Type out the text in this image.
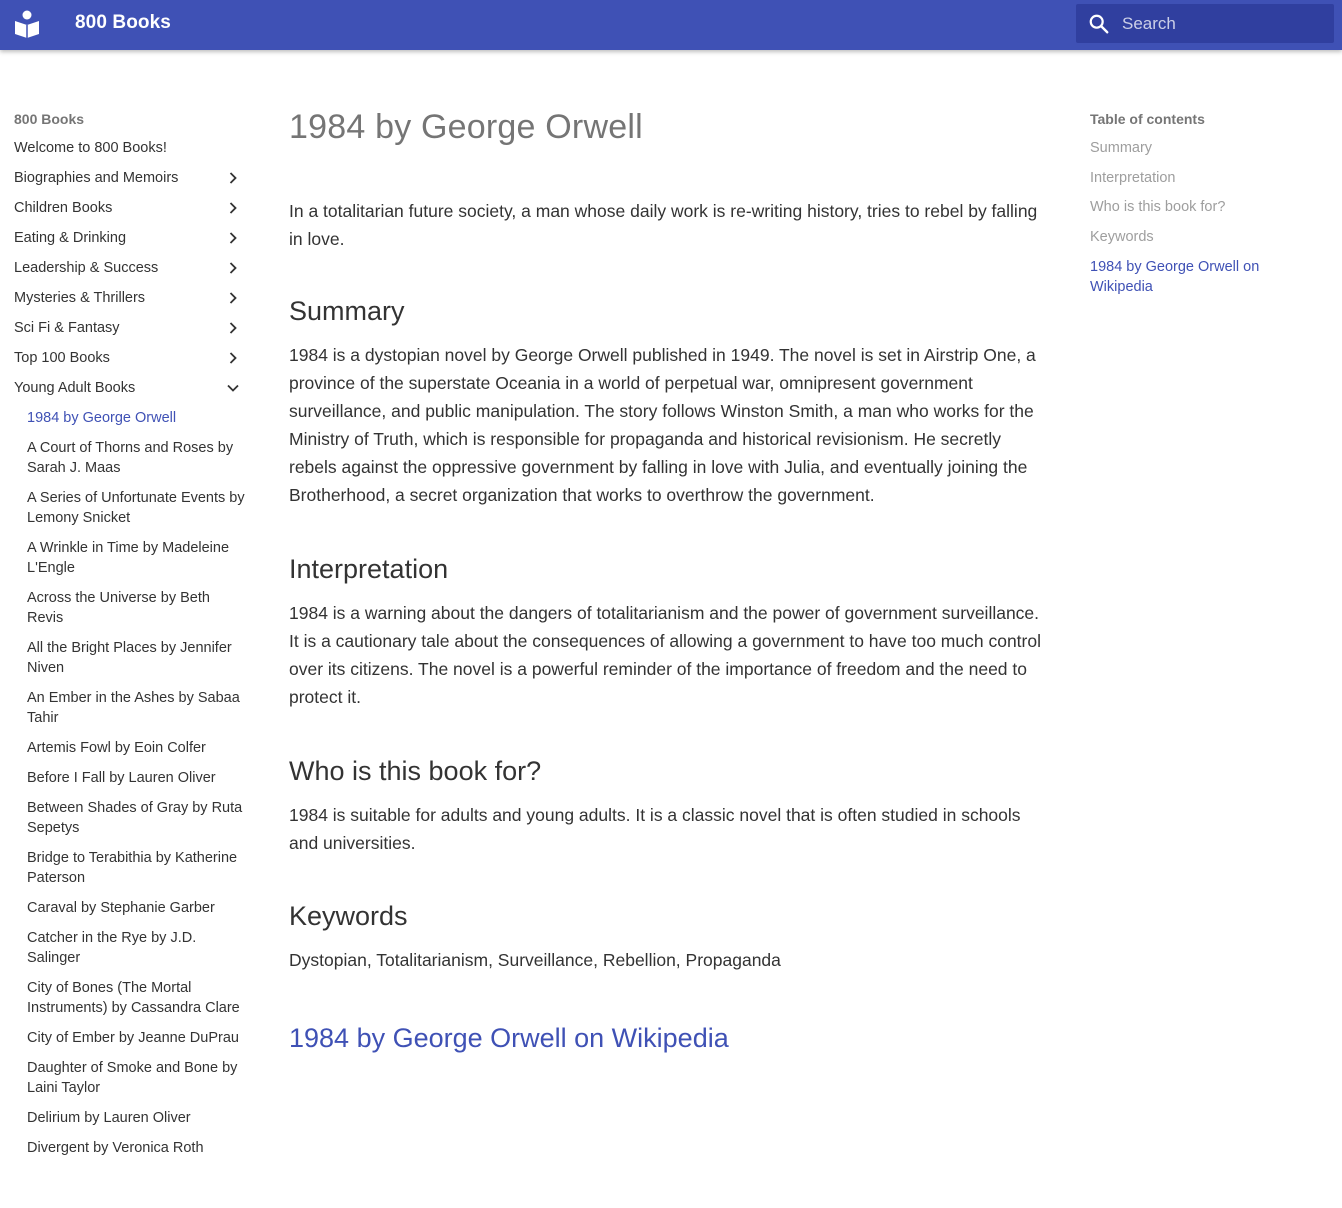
800 Books
Search
800 Books
Welcome to 800 Books!
Biographies and Memoirs
Children Books
Eating & Drinking
Leadership & Success
Mysteries & Thrillers
Sci Fi & Fantasy
Top 100 Books
Young Adult Books
1984 by George Orwell
A Court of Thorns and Roses by Sarah J. Maas
A Series of Unfortunate Events by Lemony Snicket
A Wrinkle in Time by Madeleine L'Engle
Across the Universe by Beth Revis
All the Bright Places by Jennifer Niven
An Ember in the Ashes by Sabaa Tahir
Artemis Fowl by Eoin Colfer
Before I Fall by Lauren Oliver
Between Shades of Gray by Ruta Sepetys
Bridge to Terabithia by Katherine Paterson
Caraval by Stephanie Garber
Catcher in the Rye by J.D. Salinger
City of Bones (The Mortal Instruments) by Cassandra Clare
City of Ember by Jeanne DuPrau
Daughter of Smoke and Bone by Laini Taylor
Delirium by Lauren Oliver
Divergent by Veronica Roth
1984 by George Orwell

In a totalitarian future society, a man whose daily work is re-writing history, tries to rebel by falling in love.

Summary

1984 is a dystopian novel by George Orwell published in 1949. The novel is set in Airstrip One, a province of the superstate Oceania in a world of perpetual war, omnipresent government surveillance, and public manipulation. The story follows Winston Smith, a man who works for the Ministry of Truth, which is responsible for propaganda and historical revisionism. He secretly rebels against the oppressive government by falling in love with Julia, and eventually joining the Brotherhood, a secret organization that works to overthrow the government.

Interpretation

1984 is a warning about the dangers of totalitarianism and the power of government surveillance. It is a cautionary tale about the consequences of allowing a government to have too much control over its citizens. The novel is a powerful reminder of the importance of freedom and the need to protect it.

Who is this book for?

1984 is suitable for adults and young adults. It is a classic novel that is often studied in schools and universities.

Keywords

Dystopian, Totalitarianism, Surveillance, Rebellion, Propaganda

1984 by George Orwell on Wikipedia
Table of contents
Summary
Interpretation
Who is this book for?
Keywords
1984 by George Orwell on Wikipedia
